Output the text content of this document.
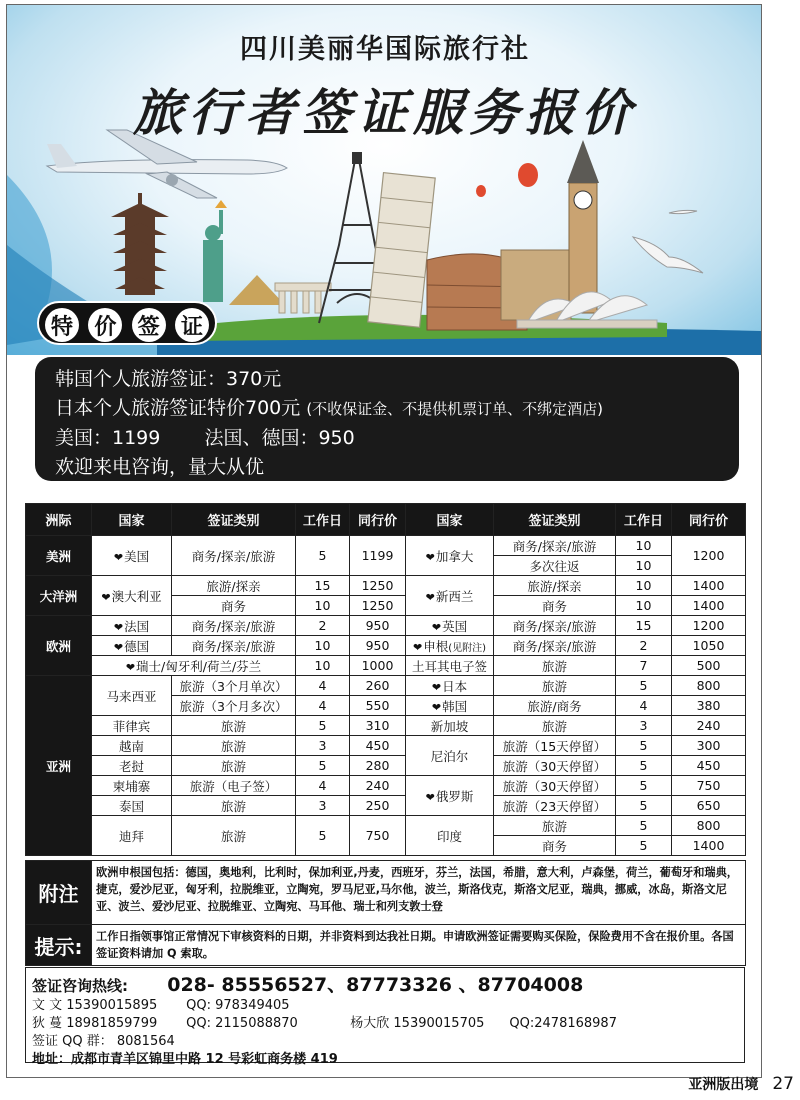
四川美丽华国际旅行社
旅行者签证服务报价
特 价 签 证
韩国个人旅游签证：370元
日本个人旅游签证特价700元 (不收保证金、不提供机票订单、不绑定酒店)
美国：1199 法国、德国：950
欢迎来电咨询，量大从优
洲际	国家	签证类别	工作日	同行价	国家	签证类别	工作日	同行价
美洲	❤美国	商务/探亲/旅游	5	1199	❤加拿大	商务/探亲/旅游	10	1200
						多次往返	10	
大洋洲	❤澳大利亚	旅游/探亲	15	1250	❤新西兰	旅游/探亲	10	1400
		商务	10	1250		商务	10	1400
欧洲	❤法国	商务/探亲/旅游	2	950	❤英国	商务/探亲/旅游	15	1200
	❤德国	商务/探亲/旅游	10	950	❤申根(见附注)	商务/探亲/旅游	2	1050
	❤瑞士/匈牙利/荷兰/芬兰		10	1000	土耳其电子签	旅游	7	500
亚洲	马来西亚	旅游（3个月单次）	4	260	❤日本	旅游	5	800
		旅游（3个月多次）	4	550	❤韩国	旅游/商务	4	380
	菲律宾	旅游	5	310	新加坡	旅游	3	240
	越南	旅游	3	450	尼泊尔	旅游（15天停留）	5	300
	老挝	旅游	5	280		旅游（30天停留）	5	450
	柬埔寨	旅游（电子签）	4	240	❤俄罗斯	旅游（30天停留）	5	750
	泰国	旅游	3	250		旅游（23天停留）	5	650
	迪拜	旅游	5	750	印度	旅游	5	800
						商务	5	1400
附注	欧洲申根国包括：德国，奥地利，比利时，保加利亚,丹麦，西班牙，芬兰，法国，希腊，意大利，卢森堡，荷兰，葡萄牙和瑞典，捷克，爱沙尼亚，匈牙利，拉脱维亚，立陶宛，罗马尼亚,马尔他，波兰，斯洛伐克，斯洛文尼亚，瑞典，挪威，冰岛，斯洛文尼亚、波兰、爱沙尼亚、拉脱维亚、立陶宛、马耳他、瑞士和列支敦士登
提示:	工作日指领事馆正常情况下审核资料的日期，并非资料到达我社日期。申请欧洲签证需要购买保险，保险费用不含在报价里。各国签证资料请加 Q 索取。
签证咨询热线: 028- 85556527、87773326 、87704008
文 文 15390015895 QQ: 978349405
狄 蔓 18981859799 QQ: 2115088870	杨大欣 15390015705 QQ:2478168987
签证 QQ 群： 8081564
地址：成都市青羊区锦里中路 12 号彩虹商务楼 419
亚洲版出境 27
